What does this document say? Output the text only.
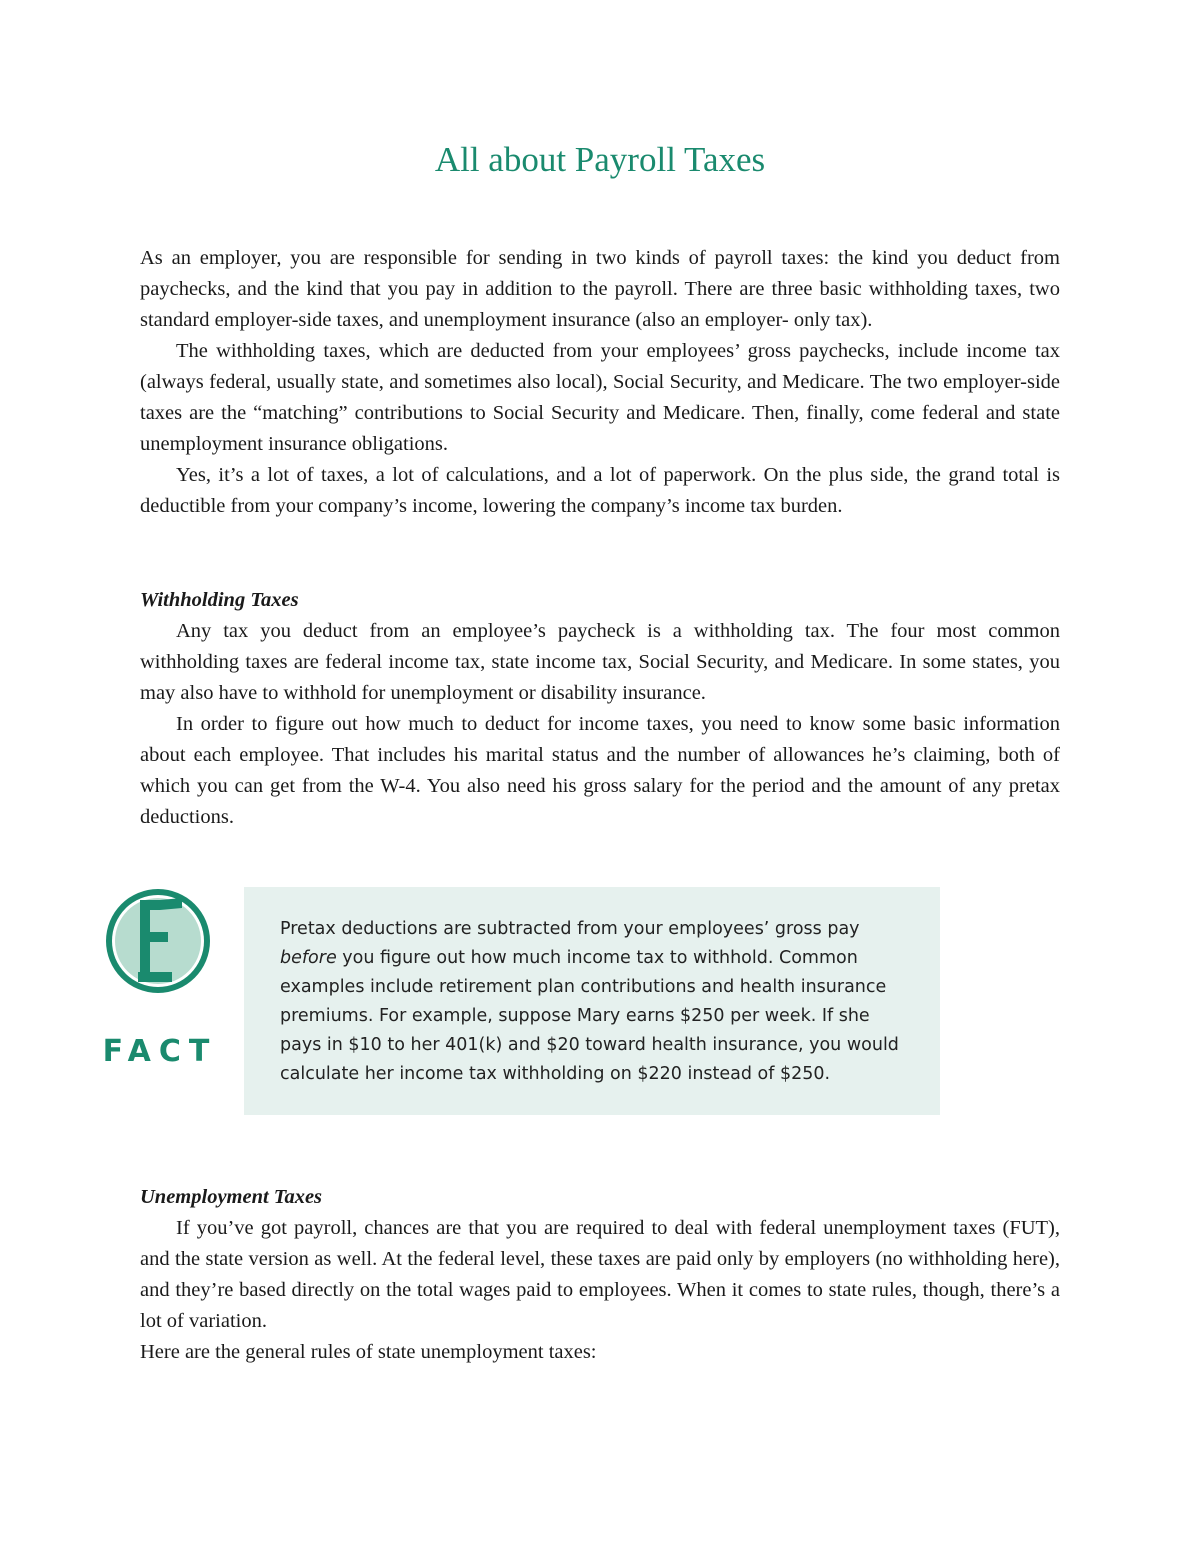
All about Payroll Taxes

As an employer, you are responsible for sending in two kinds of payroll taxes: the kind you deduct from paychecks, and the kind that you pay in addition to the payroll. There are three basic withholding taxes, two standard employer-side taxes, and unemployment insurance (also an employer- only tax).

The withholding taxes, which are deducted from your employees’ gross paychecks, include income tax (always federal, usually state, and sometimes also local), Social Security, and Medicare. The two employer-side taxes are the “matching” contributions to Social Security and Medicare. Then, finally, come federal and state unemployment insurance obligations.

Yes, it’s a lot of taxes, a lot of calculations, and a lot of paperwork. On the plus side, the grand total is deductible from your company’s income, lowering the company’s income tax burden.

Withholding Taxes

Any tax you deduct from an employee’s paycheck is a withholding tax. The four most common withholding taxes are federal income tax, state income tax, Social Security, and Medicare. In some states, you may also have to withhold for unemployment or disability insurance.

In order to figure out how much to deduct for income taxes, you need to know some basic information about each employee. That includes his marital status and the number of allowances he’s claiming, both of which you can get from the W-4. You also need his gross salary for the period and the amount of any pretax deductions.

FACT

Pretax deductions are subtracted from your employees’ gross pay before you figure out how much income tax to withhold. Common examples include retirement plan contributions and health insurance premiums. For example, suppose Mary earns $250 per week. If she pays in $10 to her 401(k) and $20 toward health insurance, you would calculate her income tax withholding on $220 instead of $250.

Unemployment Taxes

If you’ve got payroll, chances are that you are required to deal with federal unemployment taxes (FUT), and the state version as well. At the federal level, these taxes are paid only by employers (no withholding here), and they’re based directly on the total wages paid to employees. When it comes to state rules, though, there’s a lot of variation.

Here are the general rules of state unemployment taxes:
